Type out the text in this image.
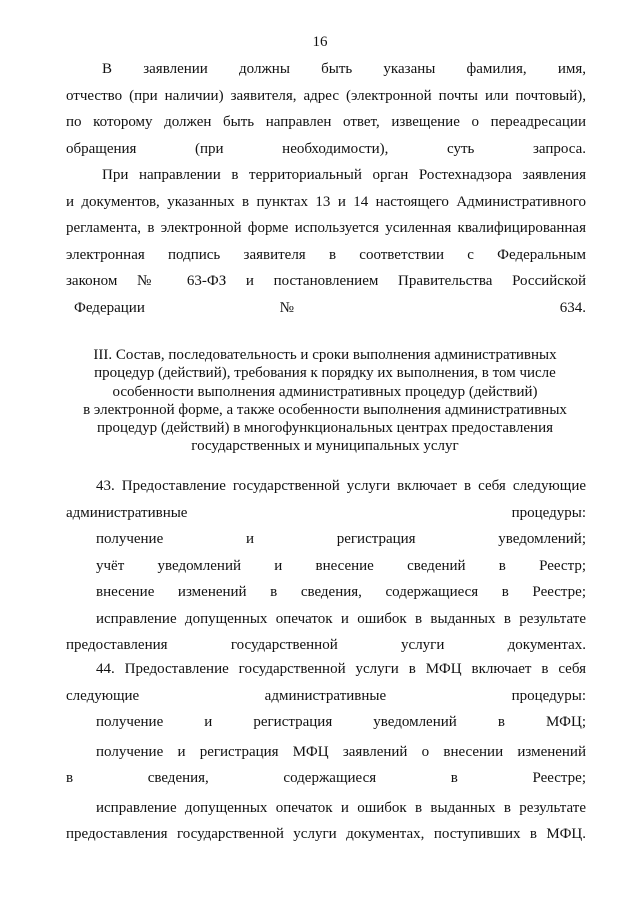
16

В заявлении должны быть указаны фамилия, имя,

отчество (при наличии) заявителя, адрес (электронной почты или почтовый),
по которому должен быть направлен ответ, извещение о переадресации
обращения (при необходимости), суть запроса.

При направлении в территориальный орган Ростехнадзора заявления

и документов, указанных в пунктах 13 и 14 настоящего Административного
регламента, в электронной форме используется усиленная квалифицированная
электронная подпись заявителя в соответствии с Федеральным
законом № 63-ФЗ и постановлением Правительства Российской
Федерации № 634.

III. Состав, последовательность и сроки выполнения административных
процедур (действий), требования к порядку их выполнения, в том числе
особенности выполнения административных процедур (действий)
в электронной форме, а также особенности выполнения административных
процедур (действий) в многофункциональных центрах предоставления
государственных и муниципальных услуг

43. Предоставление государственной услуги включает в себя следующие

административные процедуры:

получение и регистрация уведомлений;

учёт уведомлений и внесение сведений в Реестр;

внесение изменений в сведения, содержащиеся в Реестре;

исправление допущенных опечаток и ошибок в выданных в результате

предоставления государственной услуги документах.

44. Предоставление государственной услуги в МФЦ включает в себя

следующие административные процедуры:

получение и регистрация уведомлений в МФЦ;

получение и регистрация МФЦ заявлений о внесении изменений

в сведения, содержащиеся в Реестре;

исправление допущенных опечаток и ошибок в выданных в результате

предоставления государственной услуги документах, поступивших в МФЦ.
